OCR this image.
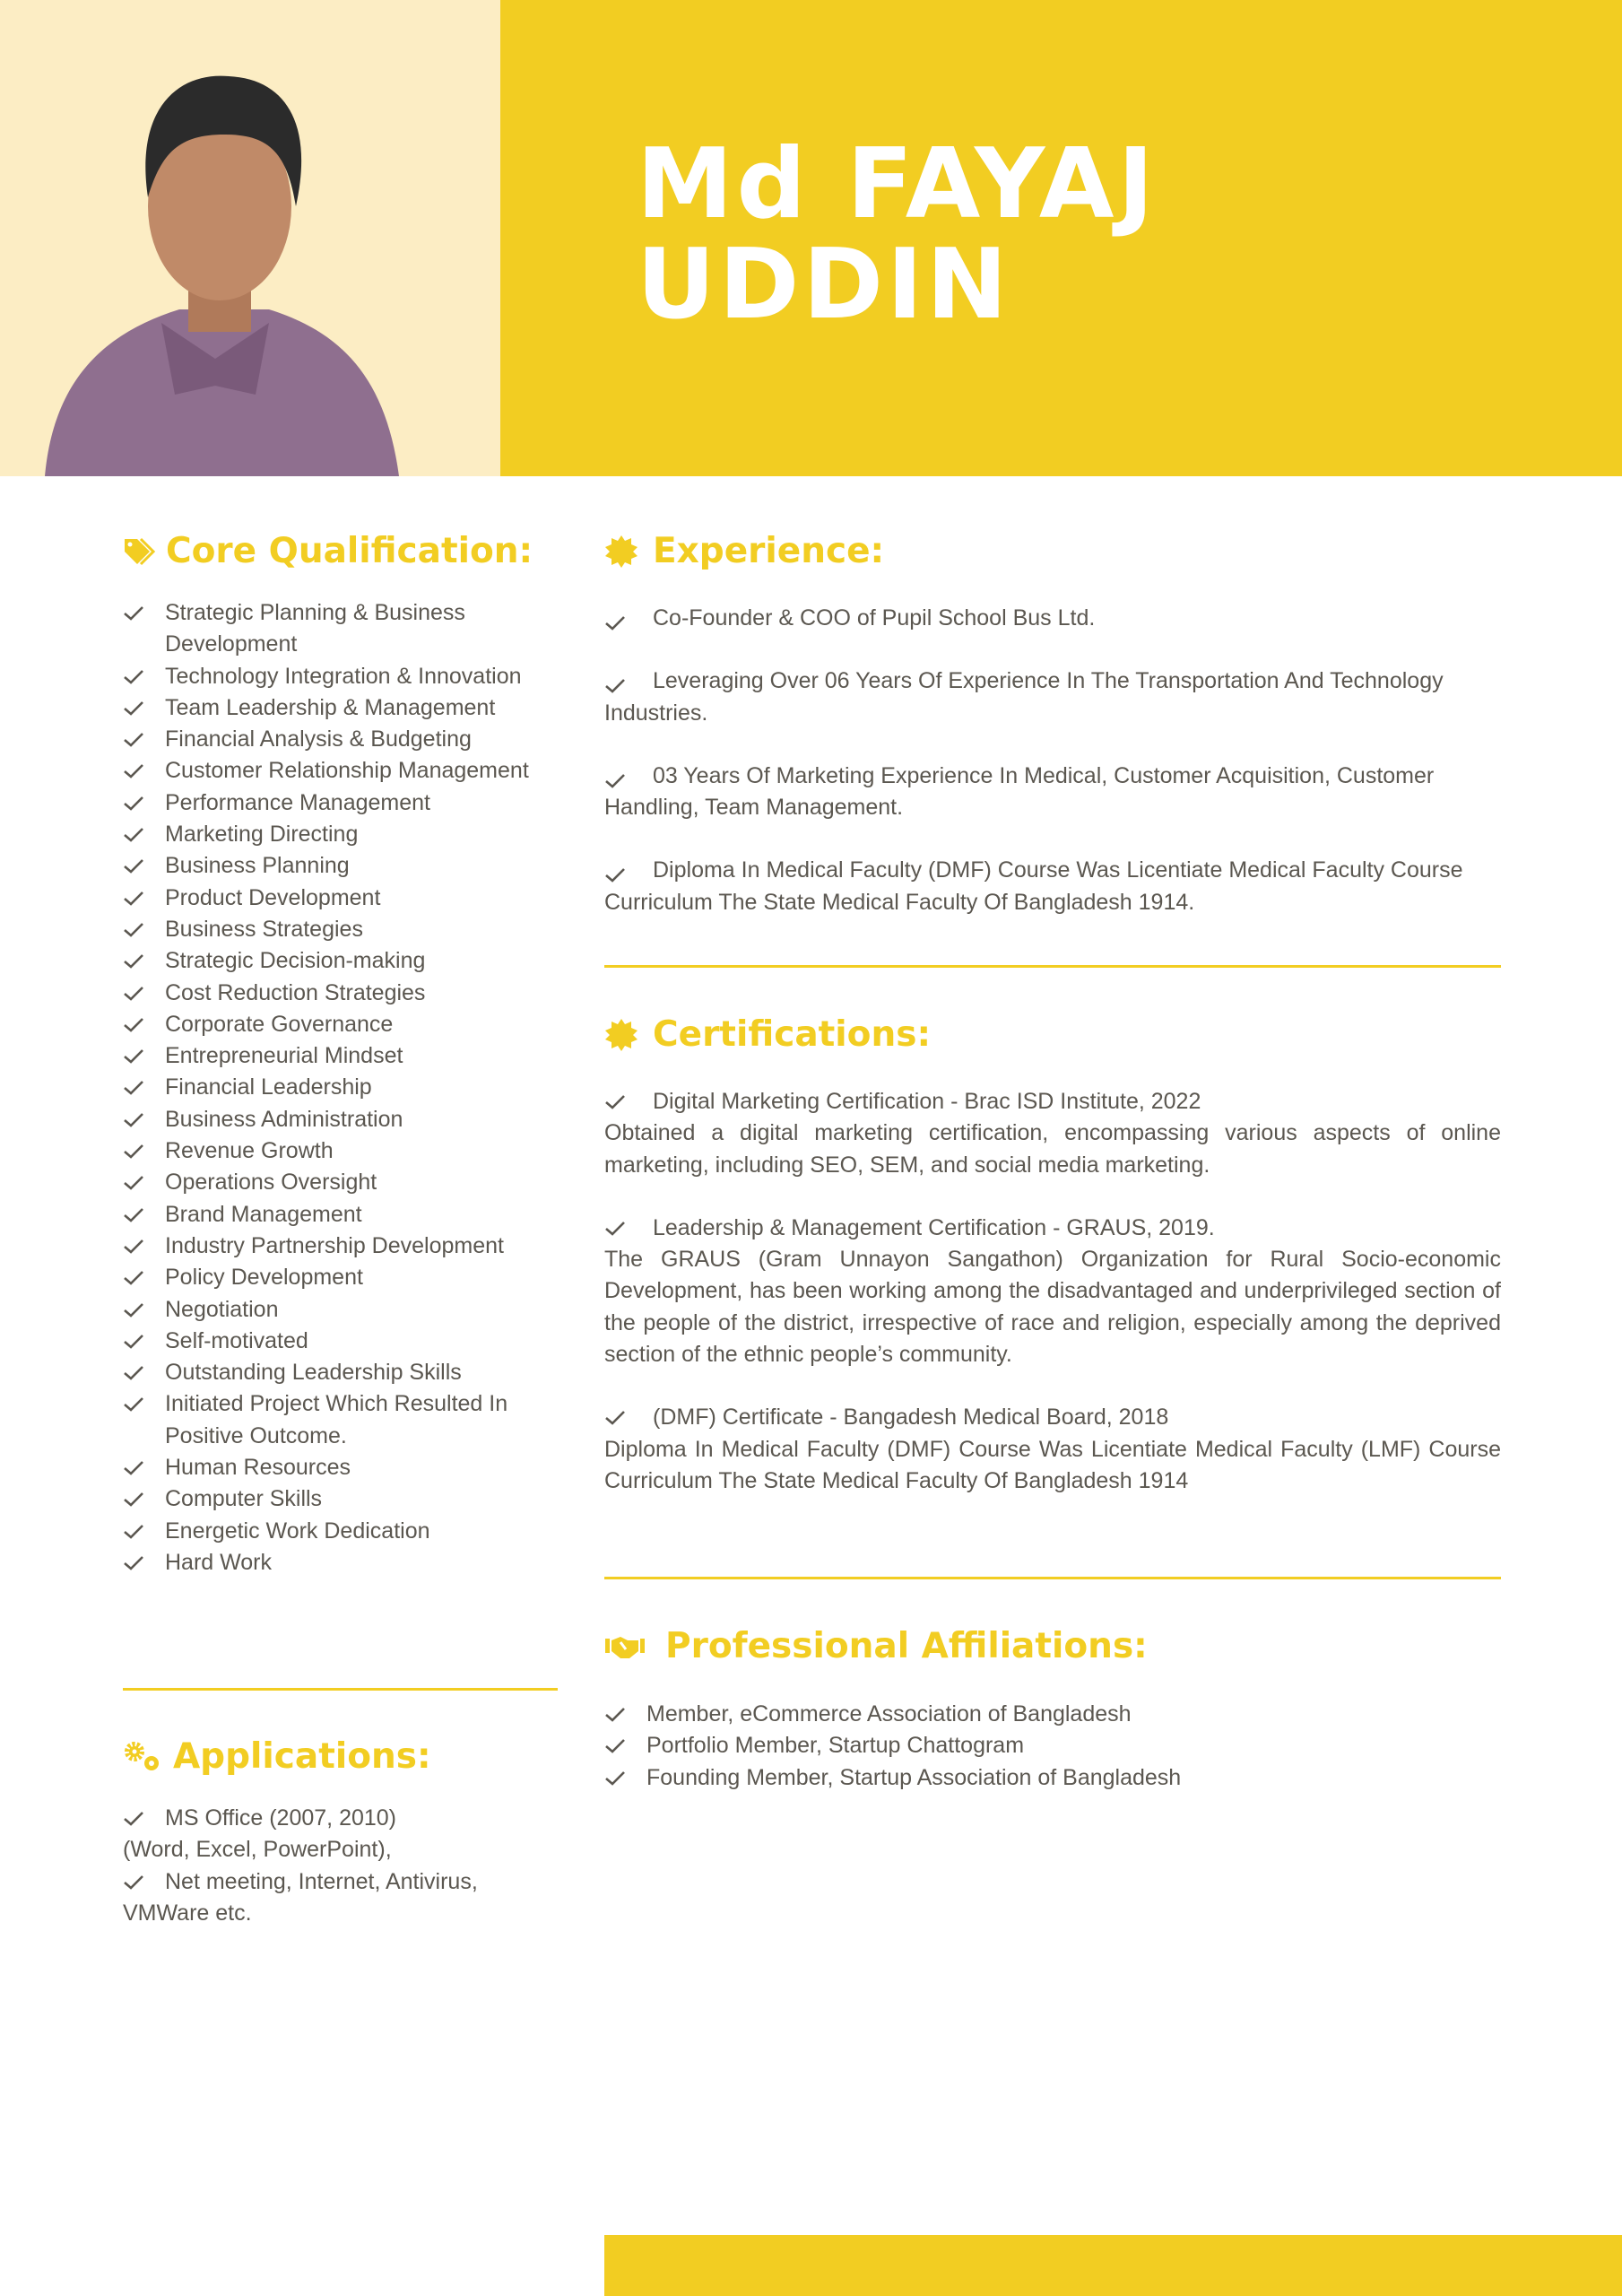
Md FAYAJ
UDDIN
Core Qualification:
Strategic Planning & Business Development
Technology Integration & Innovation
Team Leadership & Management
Financial Analysis & Budgeting
Customer Relationship Management
Performance Management
Marketing Directing
Business Planning
Product Development
Business Strategies
Strategic Decision-making
Cost Reduction Strategies
Corporate Governance
Entrepreneurial Mindset
Financial Leadership
Business Administration
Revenue Growth
Operations Oversight
Brand Management
Industry Partnership Development
Policy Development
Negotiation
Self-motivated
Outstanding Leadership Skills
Initiated Project Which Resulted In Positive Outcome.
Human Resources
Computer Skills
Energetic Work Dedication
Hard Work
Applications:
MS Office (2007, 2010)
(Word, Excel, PowerPoint),
Net meeting, Internet, Antivirus,
VMWare etc.
Experience:
Co-Founder & COO of Pupil School Bus Ltd.
Leveraging Over 06 Years Of Experience In The Transportation And Technology Industries.
03 Years Of Marketing Experience In Medical, Customer Acquisition, Customer Handling, Team Management.
Diploma In Medical Faculty (DMF) Course Was Licentiate Medical Faculty Course Curriculum The State Medical Faculty Of Bangladesh 1914.
Certifications:
Digital Marketing Certification - Brac ISD Institute, 2022
Obtained a digital marketing certification, encompassing various aspects of online marketing, including SEO, SEM, and social media marketing.
Leadership & Management Certification - GRAUS, 2019.
The GRAUS (Gram Unnayon Sangathon) Organization for Rural Socio-economic Development, has been working among the disadvantaged and underprivileged section of the people of the district, irrespective of race and religion, especially among the deprived section of the ethnic people’s community.
(DMF) Certificate - Bangadesh Medical Board, 2018
Diploma In Medical Faculty (DMF) Course Was Licentiate Medical Faculty (LMF) Course Curriculum The State Medical Faculty Of Bangladesh 1914
Professional Affiliations:
Member, eCommerce Association of Bangladesh
Portfolio Member, Startup Chattogram
Founding Member, Startup Association of Bangladesh
